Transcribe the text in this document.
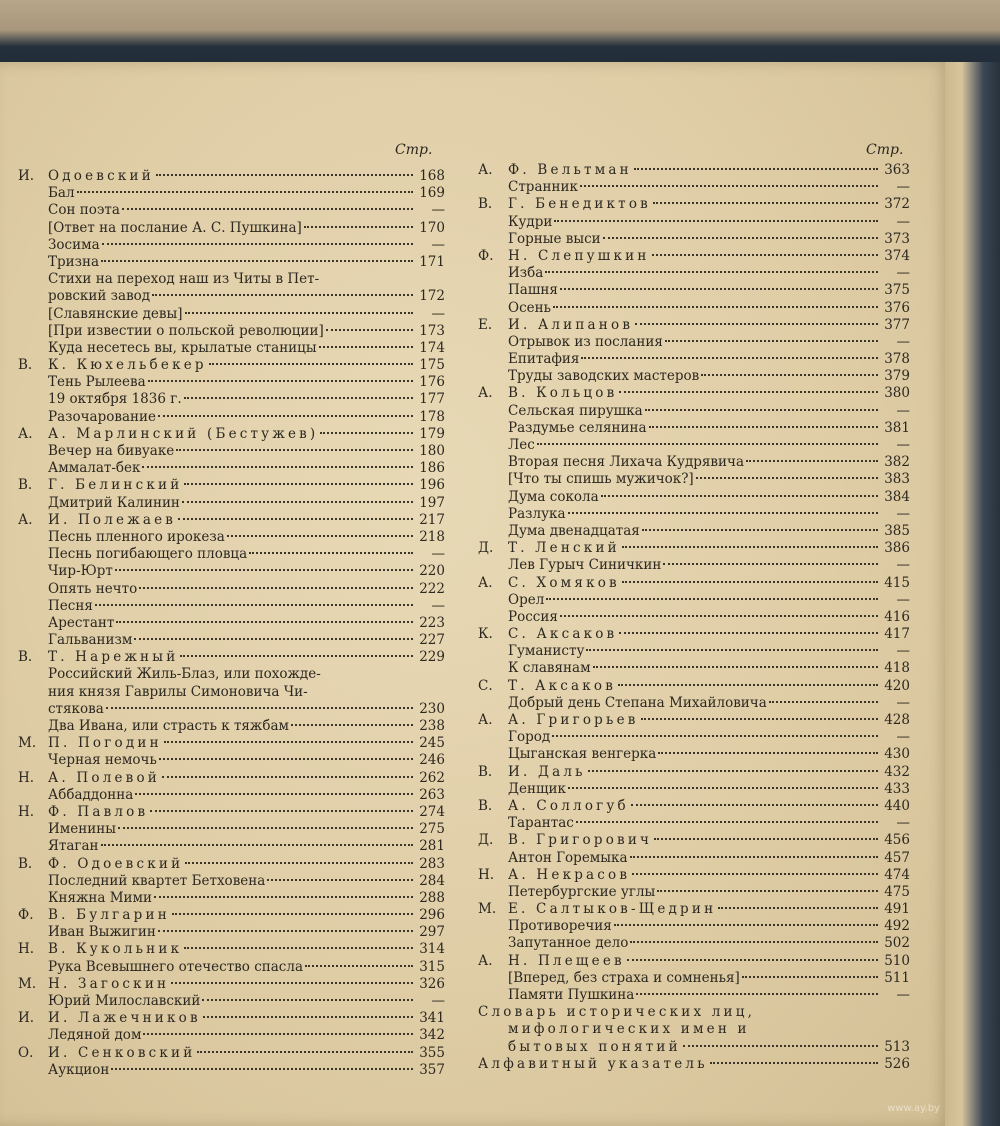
Стр.	Стр.
И.	Одоевский	168
Бал	169
Сон поэта	—
[Ответ на послание А. С. Пушкина]	170
Зосима	—
Тризна	171
Стихи на переход наш из Читы в Пет-
ровский завод	172
[Славянские девы]	—
[При известии о польской революции]	173
Куда несетесь вы, крылатые станицы	174
В.	К. Кюхельбекер	175
Тень Рылеева	176
19 октября 1836 г.	177
Разочарование	178
А.	А. Марлинский (Бестужев)	179
Вечер на бивуаке	180
Аммалат-бек	186
В.	Г. Белинский	196
Дмитрий Калинин	197
А.	И. Полежаев	217
Песнь пленного ирокеза	218
Песнь погибающего пловца	—
Чир-Юрт	220
Опять нечто	222
Песня	—
Арестант	223
Гальванизм	227
В.	Т. Нарежный	229
Российский Жиль-Блаз, или похожде-
ния князя Гаврилы Симоновича Чи-
стякова	230
Два Ивана, или страсть к тяжбам	238
М. П. Погодин	245
Черная немочь	246
Н.	А. Полевой	262
Аббаддонна	263
Н.	Ф. Павлов	274
Именины	275
Ятаган	281
В.	Ф. Одоевский	283
Последний квартет Бетховена	284
Княжна Мими	288
Ф.	В. Булгарин	296
Иван Выжигин	297
Н.	В. Кукольник	314
Рука Всевышнего отечество спасла	315
М. Н. Загоскин	326
Юрий Милославский	—
И.	И. Лажечников	341
Ледяной дом	342
О.	И. Сенковский	355
Аукцион	357
А.	Ф. Вельтман	363
Странник	—
В.	Г. Бенедиктов	372
Кудри	—
Горные выси	373
Ф.	Н. Слепушкин	374
Изба	—
Пашня	375
Осень	376
Е.	И. Алипанов	377
Отрывок из послания	—
Епитафия	378
Труды заводских мастеров	379
А.	В. Кольцов	380
Сельская пирушка	—
Раздумье селянина	381
Лес	—
Вторая песня Лихача Кудрявича	382
[Что ты спишь мужичок?]	383
Дума сокола	384
Разлука	—
Дума двенадцатая	385
Д.	Т. Ленский	386
Лев Гурыч Синичкин	—
А.	С. Хомяков	415
Орел	—
Россия	416
К.	С. Аксаков	417
Гуманисту	—
К славянам	418
С.	Т. Аксаков	420
Добрый день Степана Михайловича	—
А.	А. Григорьев	428
Город	—
Цыганская венгерка	430
В.	И. Даль	432
Денщик	433
В.	А. Соллогуб	440
Тарантас	—
Д.	В. Григорович	456
Антон Горемыка	457
Н.	А. Некрасов	474
Петербургские углы	475
М. Е. Салтыков-Щедрин	491
Противоречия	492
Запутанное дело	502
А.	Н. Плещеев	510
[Вперед, без страха и сомненья]	511
Памяти Пушкина	—
Словарь исторических лиц,
мифологических имен и
бытовых понятий	513
Алфавитный указатель	526
www.ay.by
